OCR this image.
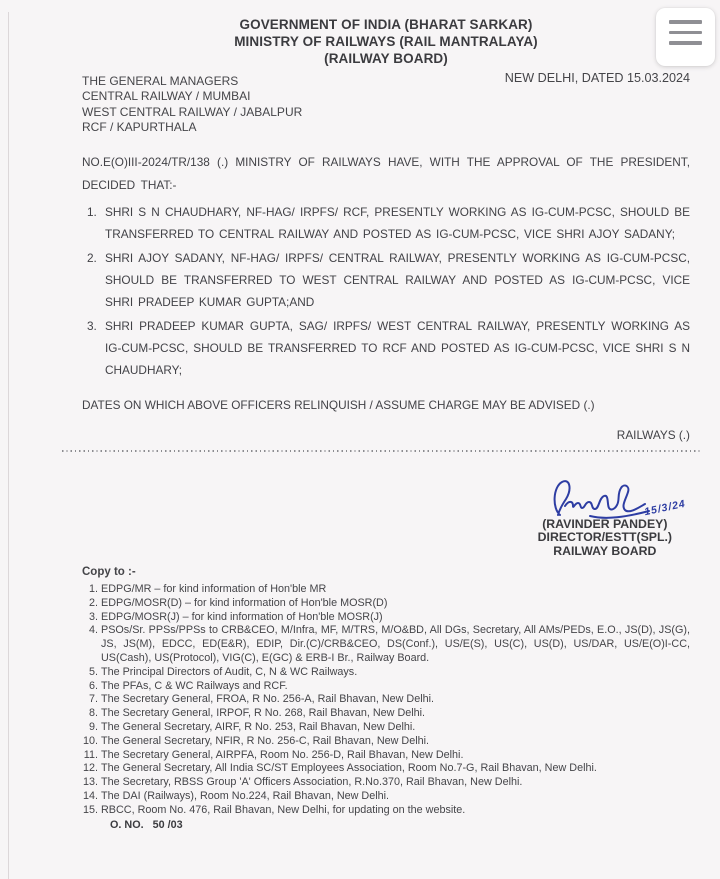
GOVERNMENT OF INDIA (BHARAT SARKAR)
MINISTRY OF RAILWAYS (RAIL MANTRALAYA)
(RAILWAY BOARD)
THE GENERAL MANAGERS
CENTRAL RAILWAY / MUMBAI
WEST CENTRAL RAILWAY / JABALPUR
RCF / KAPURTHALA
NEW DELHI, DATED 15.03.2024

NO.E(O)III-2024/TR/138 (.) MINISTRY OF RAILWAYS HAVE, WITH THE APPROVAL OF THE PRESIDENT, DECIDED THAT:-

1. SHRI S N CHAUDHARY, NF-HAG/ IRPFS/ RCF, PRESENTLY WORKING AS IG-CUM-PCSC, SHOULD BE TRANSFERRED TO CENTRAL RAILWAY AND POSTED AS IG-CUM-PCSC, VICE SHRI AJOY SADANY;
2. SHRI AJOY SADANY, NF-HAG/ IRPFS/ CENTRAL RAILWAY, PRESENTLY WORKING AS IG-CUM-PCSC, SHOULD BE TRANSFERRED TO WEST CENTRAL RAILWAY AND POSTED AS IG-CUM-PCSC, VICE SHRI PRADEEP KUMAR GUPTA;AND
3. SHRI PRADEEP KUMAR GUPTA, SAG/ IRPFS/ WEST CENTRAL RAILWAY, PRESENTLY WORKING AS IG-CUM-PCSC, SHOULD BE TRANSFERRED TO RCF AND POSTED AS IG-CUM-PCSC, VICE SHRI S N CHAUDHARY;

DATES ON WHICH ABOVE OFFICERS RELINQUISH / ASSUME CHARGE MAY BE ADVISED (.)

RAILWAYS (.)

15/3/24
(RAVINDER PANDEY)
DIRECTOR/ESTT(SPL.)
RAILWAY BOARD
Copy to :-
1. EDPG/MR – for kind information of Hon'ble MR
2. EDPG/MOSR(D) – for kind information of Hon'ble MOSR(D)
3. EDPG/MOSR(J) – for kind information of Hon'ble MOSR(J)
4. PSOs/Sr. PPSs/PPSs to CRB&CEO, M/Infra, MF, M/TRS, M/O&BD, All DGs, Secretary, All AMs/PEDs, E.O., JS(D), JS(G), JS, JS(M), EDCC, ED(E&R), EDIP, Dir.(C)/CRB&CEO, DS(Conf.), US/E(S), US(C), US(D), US/DAR, US/E(O)I-CC, US(Cash), US(Protocol), VIG(C), E(GC) & ERB-I Br., Railway Board.
5. The Principal Directors of Audit, C, N & WC Railways.
6. The PFAs, C & WC Railways and RCF.
7. The Secretary General, FROA, R No. 256-A, Rail Bhavan, New Delhi.
8. The Secretary General, IRPOF, R No. 268, Rail Bhavan, New Delhi.
9. The General Secretary, AIRF, R No. 253, Rail Bhavan, New Delhi.
10. The General Secretary, NFIR, R No. 256-C, Rail Bhavan, New Delhi.
11. The Secretary General, AIRPFA, Room No. 256-D, Rail Bhavan, New Delhi.
12. The General Secretary, All India SC/ST Employees Association, Room No.7-G, Rail Bhavan, New Delhi.
13. The Secretary, RBSS Group 'A' Officers Association, R.No.370, Rail Bhavan, New Delhi.
14. The DAI (Railways), Room No.224, Rail Bhavan, New Delhi.
15. RBCC, Room No. 476, Rail Bhavan, New Delhi, for updating on the website.
O. NO.   50 /03
